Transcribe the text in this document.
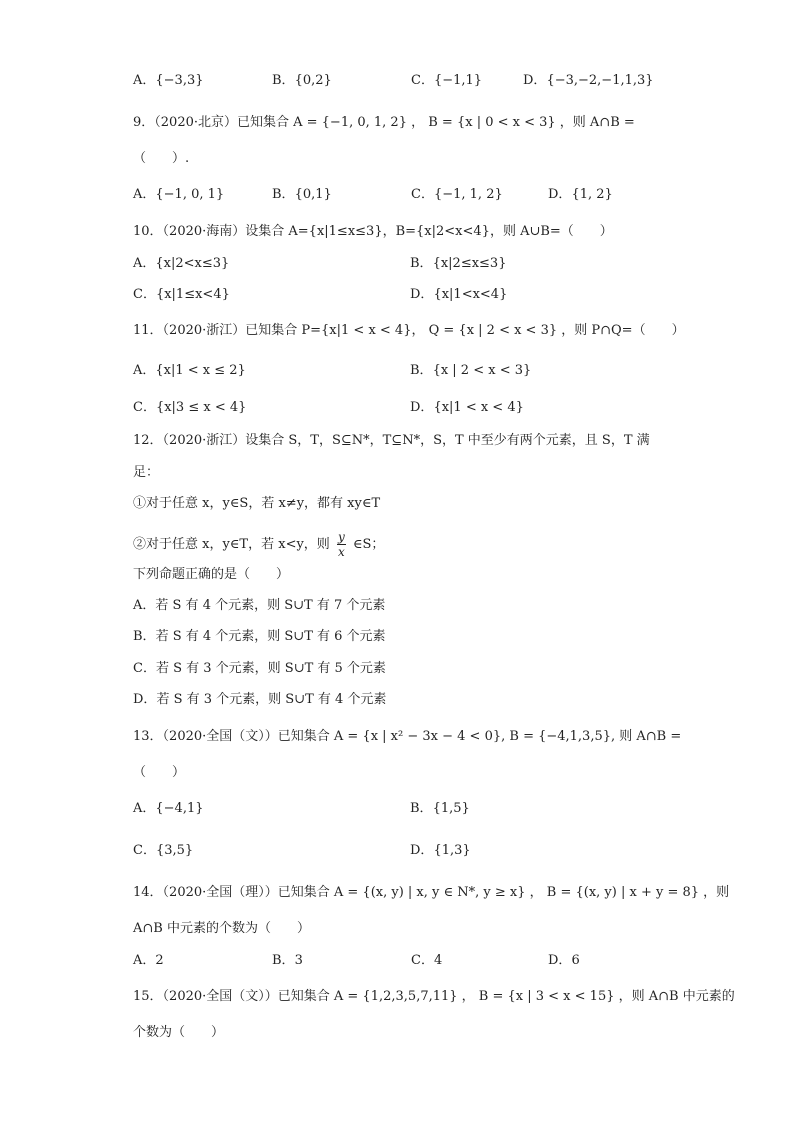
A．{−3,3}	B．{0,2}	C．{−1,1}	D．{−3,−2,−1,1,3}
9．（2020·北京）已知集合 A = {−1, 0, 1, 2} ， B = {x | 0 < x < 3} ，则 A∩B =
（　　）.
A．{−1, 0, 1}	B．{0,1}	C．{−1, 1, 2}	D．{1, 2}
10．（2020·海南）设集合 A={x|1≤x≤3}，B={x|2<x<4}，则 A∪B=（　　）
A．{x|2<x≤3}	B．{x|2≤x≤3}
C．{x|1≤x<4}	D．{x|1<x<4}
11．（2020·浙江）已知集合 P={x|1 < x < 4}， Q = {x | 2 < x < 3} ，则 P∩Q=（　　）
A．{x|1 < x ≤ 2}	B．{x | 2 < x < 3}
C．{x|3 ≤ x < 4}	D．{x|1 < x < 4}
12．（2020·浙江）设集合 S，T，S⊆N*，T⊆N*，S，T 中至少有两个元素，且 S，T 满
足：
①对于任意 x，y∈S，若 x≠y，都有 xy∈T
②对于任意 x，y∈T，若 x<y，则 $\frac{y}{x}$ ∈S；
下列命题正确的是（　　）
A．若 S 有 4 个元素，则 S∪T 有 7 个元素
B．若 S 有 4 个元素，则 S∪T 有 6 个元素
C．若 S 有 3 个元素，则 S∪T 有 5 个元素
D．若 S 有 3 个元素，则 S∪T 有 4 个元素
13．（2020·全国（文））已知集合 A = {x | x² − 3x − 4 < 0}, B = {−4,1,3,5}, 则 A∩B =
（　　）
A．{−4,1}	B．{1,5}
C．{3,5}	D．{1,3}
14．（2020·全国（理））已知集合 A = {(x, y) | x, y ∈ N*, y ≥ x} ， B = {(x, y) | x + y = 8} ，则
A∩B 中元素的个数为（　　）
A．2	B．3	C．4	D．6
15．（2020·全国（文））已知集合 A = {1,2,3,5,7,11} ， B = {x | 3 < x < 15} ，则 A∩B 中元素的
个数为（　　）
